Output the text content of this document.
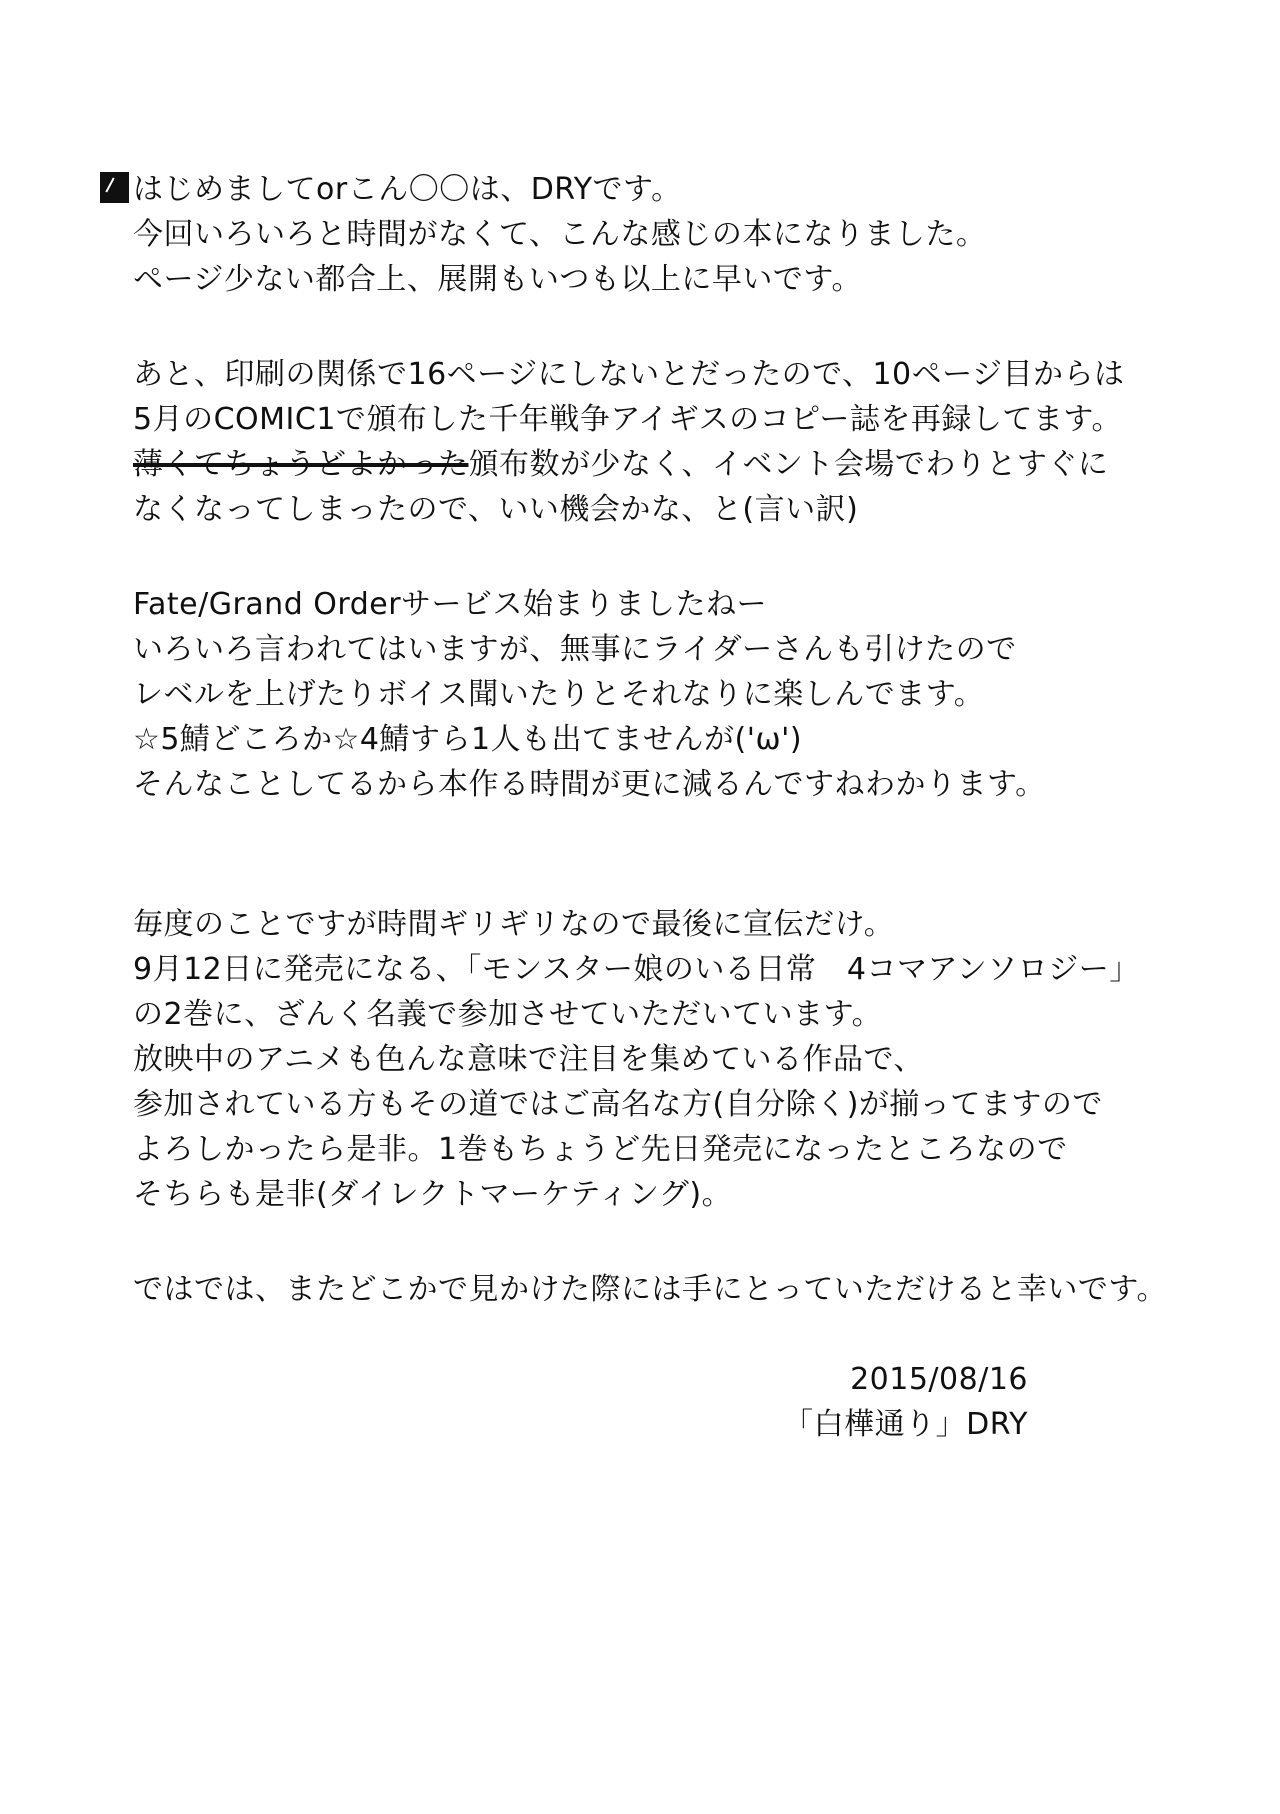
はじめましてorこん〇〇は、DRYです。
今回いろいろと時間がなくて、こんな感じの本になりました。
ページ少ない都合上、展開もいつも以上に早いです。
あと、印刷の関係で16ページにしないとだったので、10ページ目からは
5月のCOMIC1で頒布した千年戦争アイギスのコピー誌を再録してます。
薄くてちょうどよかった頒布数が少なく、イベント会場でわりとすぐに
なくなってしまったので、いい機会かな、と(言い訳)
Fate/Grand Orderサービス始まりましたねー
いろいろ言われてはいますが、無事にライダーさんも引けたので
レベルを上げたりボイス聞いたりとそれなりに楽しんでます。
☆5鯖どころか☆4鯖すら1人も出てませんが('ω')
そんなことしてるから本作る時間が更に減るんですねわかります。
毎度のことですが時間ギリギリなので最後に宣伝だけ。
9月12日に発売になる、「モンスター娘のいる日常　4コマアンソロジー」
の2巻に、ざんく名義で参加させていただいています。
放映中のアニメも色んな意味で注目を集めている作品で、
参加されている方もその道ではご高名な方(自分除く)が揃ってますので
よろしかったら是非。1巻もちょうど先日発売になったところなので
そちらも是非(ダイレクトマーケティング)。
ではでは、またどこかで見かけた際には手にとっていただけると幸いです。
2015/08/16
「白樺通り」DRY
